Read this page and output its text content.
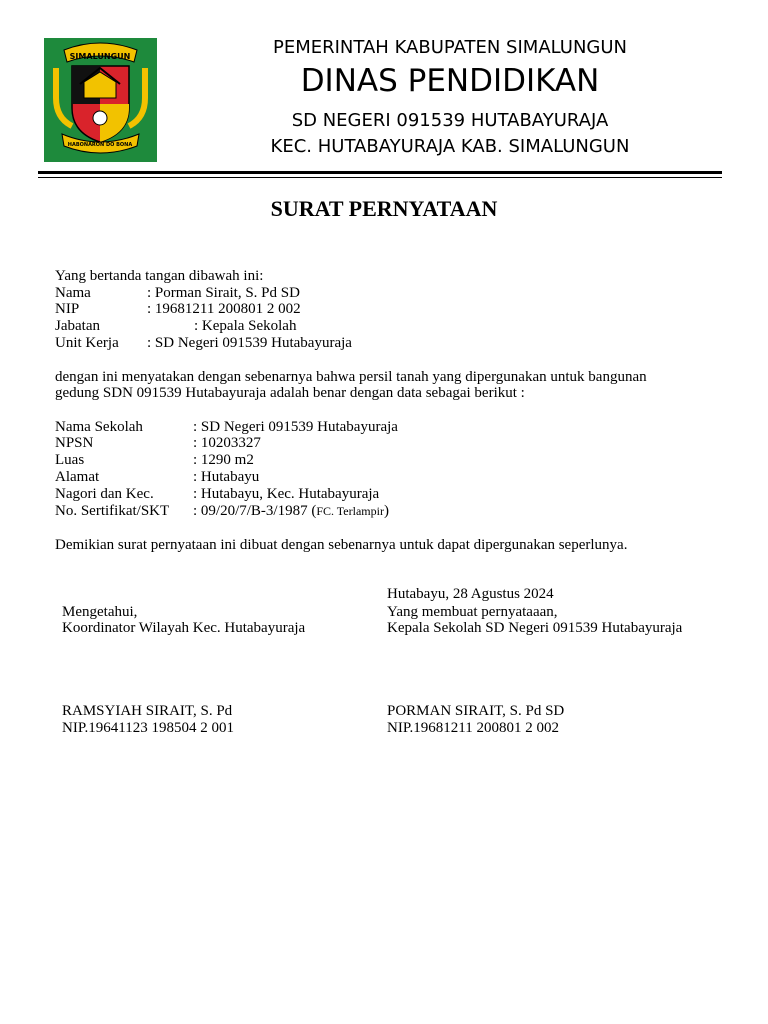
SIMALUNGUN
HABONARON DO BONA
PEMERINTAH KABUPATEN SIMALUNGUN
DINAS PENDIDIKAN
SD NEGERI 091539 HUTABAYURAJA
KEC. HUTABAYURAJA KAB. SIMALUNGUN
SURAT PERNYATAAN
Yang bertanda tangan dibawah ini:
Nama	: Porman Sirait, S. Pd SD
NIP	: 19681211 200801 2 002
Jabatan	: Kepala Sekolah
Unit Kerja : SD Negeri 091539 Hutabayuraja
dengan ini menyatakan dengan sebenarnya bahwa persil tanah yang dipergunakan untuk bangunan
gedung SDN 091539 Hutabayuraja adalah benar dengan data sebagai berikut :
Nama Sekolah	: SD Negeri 091539 Hutabayuraja
NPSN	: 10203327
Luas	: 1290 m2
Alamat	: Hutabayu
Nagori dan Kec.	: Hutabayu, Kec. Hutabayuraja
No. Sertifikat/SKT : 09/20/7/B-3/1987 (FC. Terlampir)
Demikian surat pernyataan ini dibuat dengan sebenarnya untuk dapat dipergunakan seperlunya.
Hutabayu, 28 Agustus 2024
Mengetahui,	Yang membuat pernyataaan,
Koordinator Wilayah Kec. Hutabayuraja	Kepala Sekolah SD Negeri 091539 Hutabayuraja
RAMSYIAH SIRAIT, S. Pd	PORMAN SIRAIT, S. Pd SD
NIP.19641123 198504 2 001	NIP.19681211 200801 2 002
